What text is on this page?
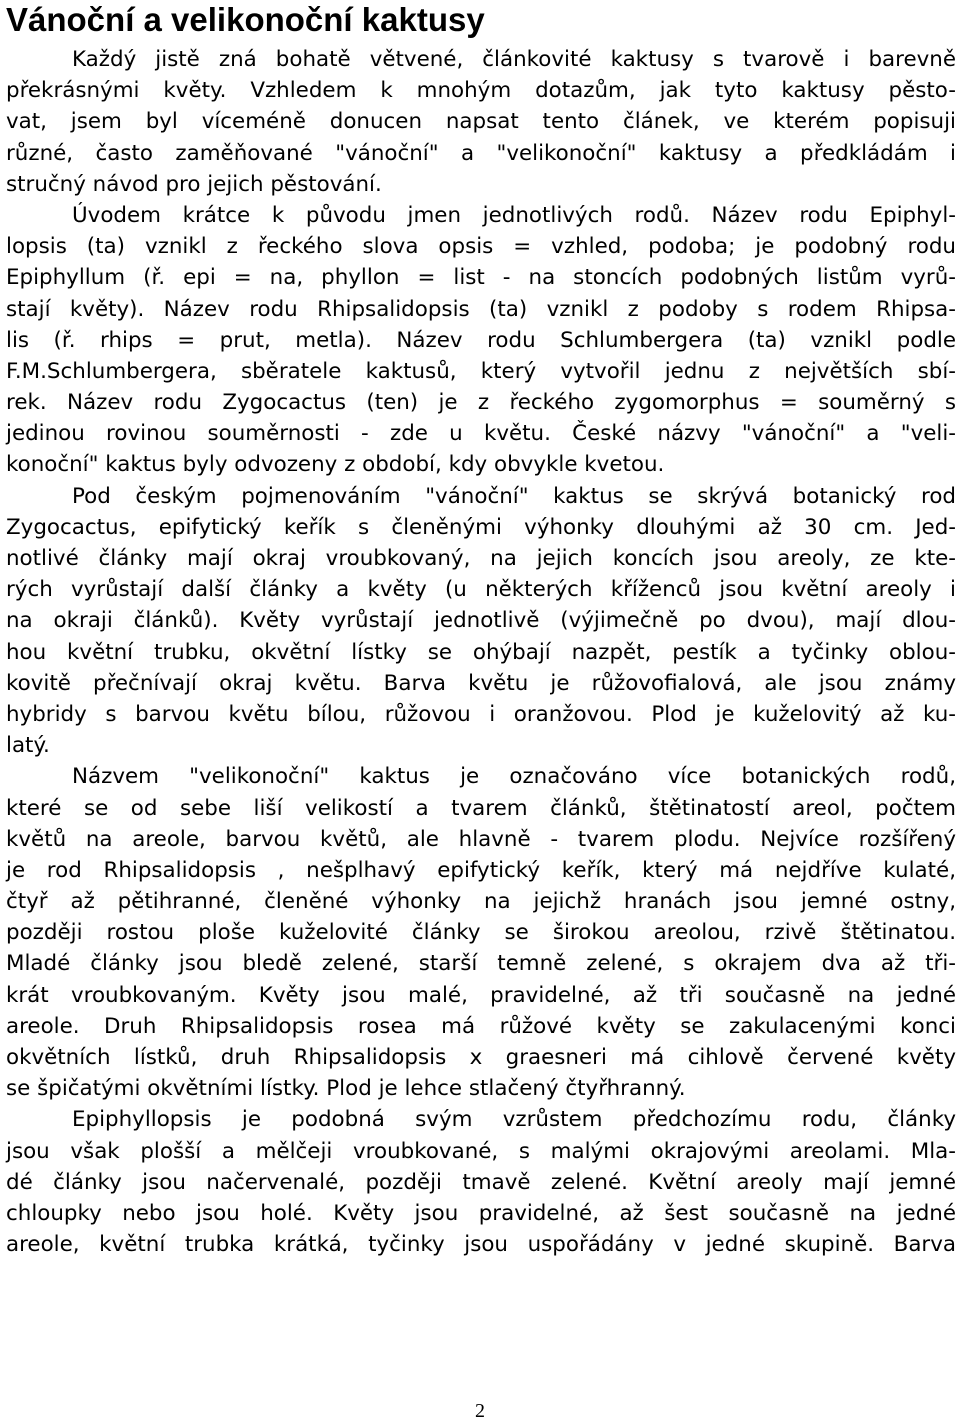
Vánoční a velikonoční kaktusy

Každý jistě zná bohatě větvené, článkovité kaktusy s tvarově i barevně
překrásnými květy. Vzhledem k mnohým dotazům, jak tyto kaktusy pěsto-
vat, jsem byl víceméně donucen napsat tento článek, ve kterém popisuji
různé, často zaměňované "vánoční" a "velikonoční" kaktusy a předkládám i
stručný návod pro jejich pěstování.

Úvodem krátce k původu jmen jednotlivých rodů. Název rodu Epiphyl-
lopsis (ta) vznikl z řeckého slova opsis = vzhled, podoba; je podobný rodu
Epiphyllum (ř. epi = na, phyllon = list - na stoncích podobných listům vyrů-
stají květy). Název rodu Rhipsalidopsis (ta) vznikl z podoby s rodem Rhipsa-
lis (ř. rhips = prut, metla). Název rodu Schlumbergera (ta) vznikl podle
F.M.Schlumbergera, sběratele kaktusů, který vytvořil jednu z největších sbí-
rek. Název rodu Zygocactus (ten) je z řeckého zygomorphus = souměrný s
jedinou rovinou souměrnosti - zde u květu. České názvy "vánoční" a "veli-
konoční" kaktus byly odvozeny z období, kdy obvykle kvetou.

Pod českým pojmenováním "vánoční" kaktus se skrývá botanický rod
Zygocactus, epifytický keřík s členěnými výhonky dlouhými až 30 cm. Jed-
notlivé články mají okraj vroubkovaný, na jejich koncích jsou areoly, ze kte-
rých vyrůstají další články a květy (u některých kříženců jsou květní areoly i
na okraji článků). Květy vyrůstají jednotlivě (výjimečně po dvou), mají dlou-
hou květní trubku, okvětní lístky se ohýbají nazpět, pestík a tyčinky oblou-
kovitě přečnívají okraj květu. Barva květu je růžovofialová, ale jsou známy
hybridy s barvou květu bílou, růžovou i oranžovou. Plod je kuželovitý až ku-
latý.

Názvem "velikonoční" kaktus je označováno více botanických rodů,
které se od sebe liší velikostí a tvarem článků, štětinatostí areol, počtem
květů na areole, barvou květů, ale hlavně - tvarem plodu. Nejvíce rozšířený
je rod Rhipsalidopsis , nešplhavý epifytický keřík, který má nejdříve kulaté,
čtyř až pětihranné, členěné výhonky na jejichž hranách jsou jemné ostny,
později rostou ploše kuželovité články se širokou areolou, rzivě štětinatou.
Mladé články jsou bledě zelené, starší temně zelené, s okrajem dva až tři-
krát vroubkovaným. Květy jsou malé, pravidelné, až tři současně na jedné
areole. Druh Rhipsalidopsis rosea má růžové květy se zakulacenými konci
okvětních lístků, druh Rhipsalidopsis x graesneri má cihlově červené květy
se špičatými okvětními lístky. Plod je lehce stlačený čtyřhranný.

Epiphyllopsis je podobná svým vzrůstem předchozímu rodu, články
jsou však plošší a mělčeji vroubkované, s malými okrajovými areolami. Mla-
dé články jsou načervenalé, později tmavě zelené. Květní areoly mají jemné
chloupky nebo jsou holé. Květy jsou pravidelné, až šest současně na jedné
areole, květní trubka krátká, tyčinky jsou uspořádány v jedné skupině. Barva

2
